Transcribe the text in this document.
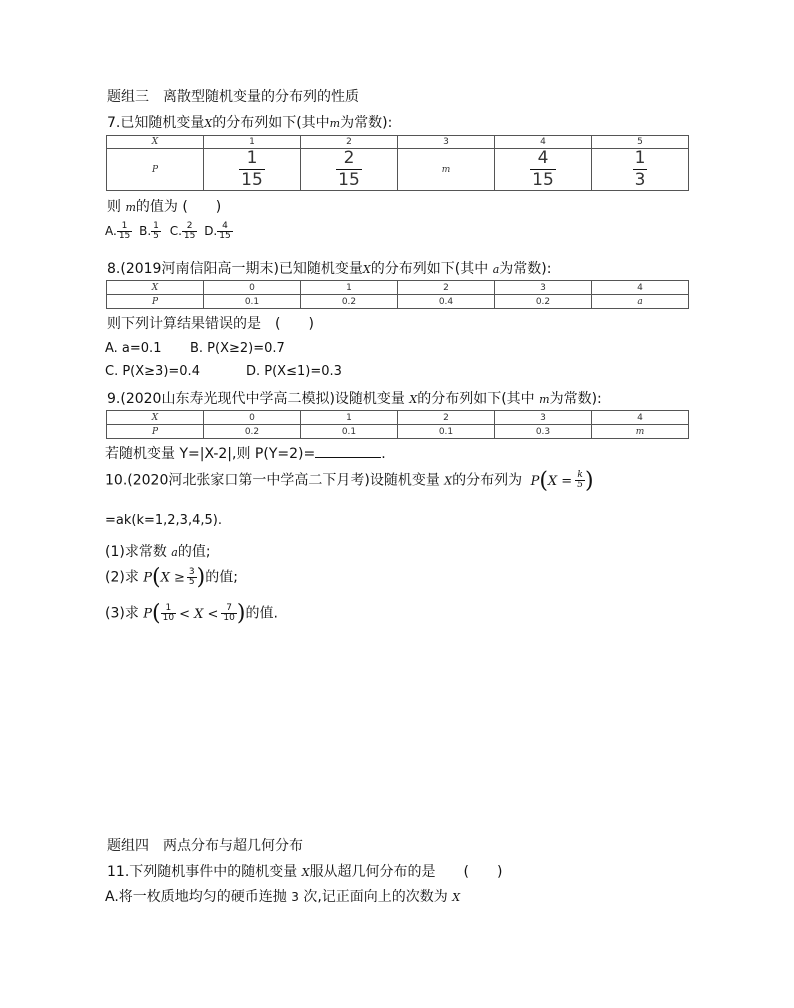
题组三　离散型随机变量的分布列的性质
7.已知随机变量X的分布列如下(其中m为常数):
X	1	2	3	4	5
P	$\frac{1}{15}$	$\frac{2}{15}$	m	$\frac{4}{15}$	$\frac{1}{3}$
则 m的值为 (　　)
A. $\frac{1}{15} B$. $\frac{1}{5} C$. $\frac{2}{15} D$. $\frac{4}{15}$
8.(2019河南信阳高一期末)已知随机变量X的分布列如下(其中 a为常数):
X	0	1	2	3	4
P	0.1	0.2	0.4	0.2	a
则下列计算结果错误的是　(　　)
A. a=0.1 B. P(X≥2)=0.7
C. P(X≥3)=0.4	D. P(X≤1)=0.3
9.(2020山东寿光现代中学高二模拟)设随机变量 X的分布列如下(其中 m为常数):
X	0	1	2	3	4
P	0.2	0.1	0.1	0.3	m
若随机变量 Y=|X-2|,则 P(Y=2)=	.
10.(2020河北张家口第一中学高二下月考)设随机变量 X的分布列为 $P(X = \frac{k}{5}$ )
=ak(k=1,2,3,4,5).
(1)求常数 a的值;
(2)求 $P(X \ge \frac{3}{5}$ )的值;
(3)求 $P( \frac{1}{10} < X < \frac{7}{10}$ )的值.
题组四　两点分布与超几何分布
11.下列随机事件中的随机变量 X服从超几何分布的是　　(　　)
A.将一枚质地均匀的硬币连抛 3 次,记正面向上的次数为 X
